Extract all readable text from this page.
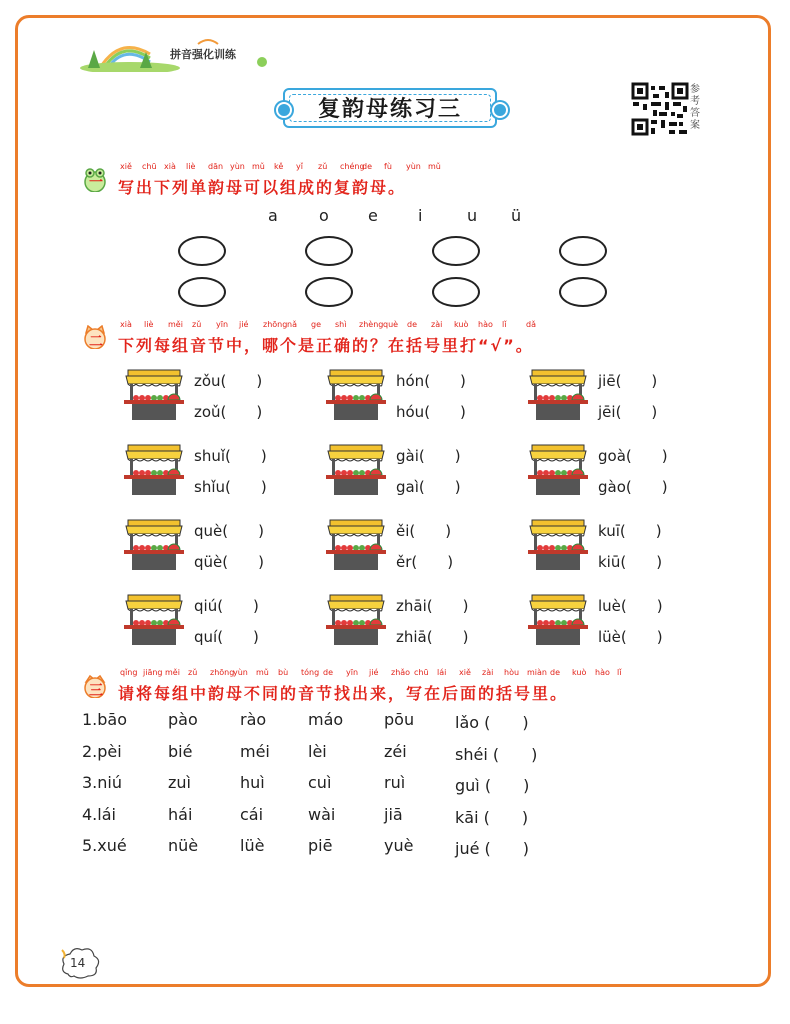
拼音强化训练
复韵母练习三
参考答案
一
xiě chū xià liè dān yùn mǔ kě yǐ zǔ chéng
de fù yùn mǔ
写出下列单韵母可以组成的复韵母。
a	o e	i	u ü
二
xià liè měi zǔ yīn jié zhōng nǎ ge shì zhèng què de zài kuò hào lǐ dǎ
下列每组音节中，哪个是正确的？在括号里打“√”。
zǒu(　　)
zoǔ(　　)
hón(　　)
hóu(　　)
jiē(　　)
jēi(　　)
shuǐ(　　)
shǐu(　　)
gài(　　)
gaì(　　)
goà(　　)
gào(　　)
què(　　)
qüè(　　)
ěi(　　)
ěr(　　)
kuī(　　)
kiū(　　)
qiú(　　)
quí(　　)
zhāi(　　)
zhiā(　　)
luè(　　)
lüè(　　)
三
qǐng jiāng měi zǔ zhōng
yùn mǔ bù tóng de yīn jié zhǎo chū lái xiě zài hòu miàn de kuò hào lǐ
请将每组中韵母不同的音节找出来，写在后面的括号里。
1.bāo	pào	rào	máo	pōu	lǎo (　　)
2.pèi	bié	méi lèi	zéi	shéi (　　)
3.niú	zuì	huì	cuì	ruì	guì (　　)
4.lái	hái	cái	wài	jiā	kāi (　　)
5.xué	nüè	lüè	piē	yuè	jué (　　)
14
